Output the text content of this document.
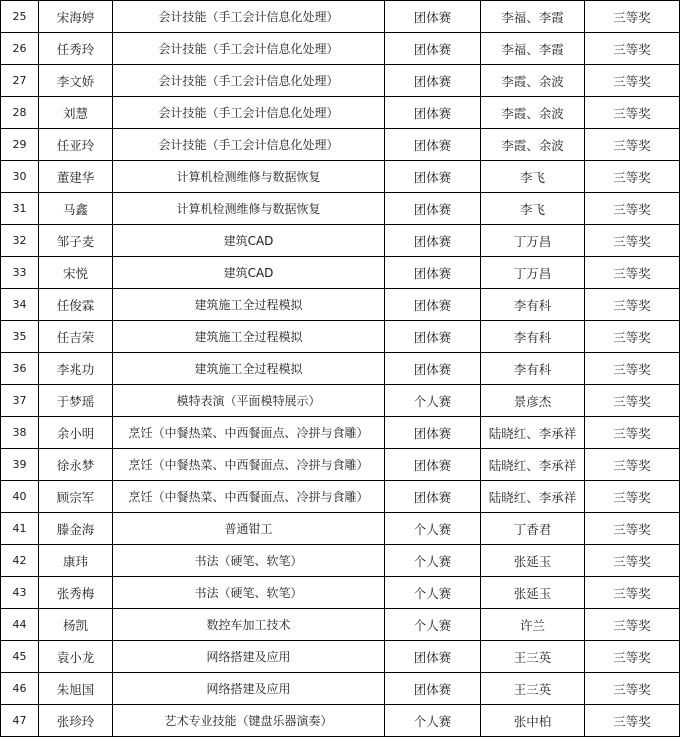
25	宋海婷	会计技能（手工会计信息化处理）	团体赛	李福、李霞	三等奖
26	任秀玲	会计技能（手工会计信息化处理）	团体赛	李福、李霞	三等奖
27	李文娇	会计技能（手工会计信息化处理）	团体赛	李霞、余波	三等奖
28	刘慧	会计技能（手工会计信息化处理）	团体赛	李霞、余波	三等奖
29	任亚玲	会计技能（手工会计信息化处理）	团体赛	李霞、余波	三等奖
30	董建华	计算机检测维修与数据恢复	团体赛	李飞	三等奖
31	马鑫	计算机检测维修与数据恢复	团体赛	李飞	三等奖
32	邹子麦	建筑CAD	团体赛	丁万昌	三等奖
33	宋悦	建筑CAD	团体赛	丁万昌	三等奖
34	任俊霖	建筑施工全过程模拟	团体赛	李有科	三等奖
35	任吉荣	建筑施工全过程模拟	团体赛	李有科	三等奖
36	李兆功	建筑施工全过程模拟	团体赛	李有科	三等奖
37	于梦瑶	模特表演（平面模特展示）	个人赛	景彦杰	三等奖
38	余小明	烹饪（中餐热菜、中西餐面点、冷拼与食雕）	团体赛	陆晓红、李承祥	三等奖
39	徐永梦	烹饪（中餐热菜、中西餐面点、冷拼与食雕）	团体赛	陆晓红、李承祥	三等奖
40	顾宗军	烹饪（中餐热菜、中西餐面点、冷拼与食雕）	团体赛	陆晓红、李承祥	三等奖
41	滕金海	普通钳工	个人赛	丁香君	三等奖
42	康玮	书法（硬笔、软笔）	个人赛	张延玉	三等奖
43	张秀梅	书法（硬笔、软笔）	个人赛	张延玉	三等奖
44	杨凯	数控车加工技术	个人赛	许兰	三等奖
45	袁小龙	网络搭建及应用	团体赛	王三英	三等奖
46	朱旭国	网络搭建及应用	团体赛	王三英	三等奖
47	张珍玲	艺术专业技能（键盘乐器演奏）	个人赛	张中柏	三等奖
